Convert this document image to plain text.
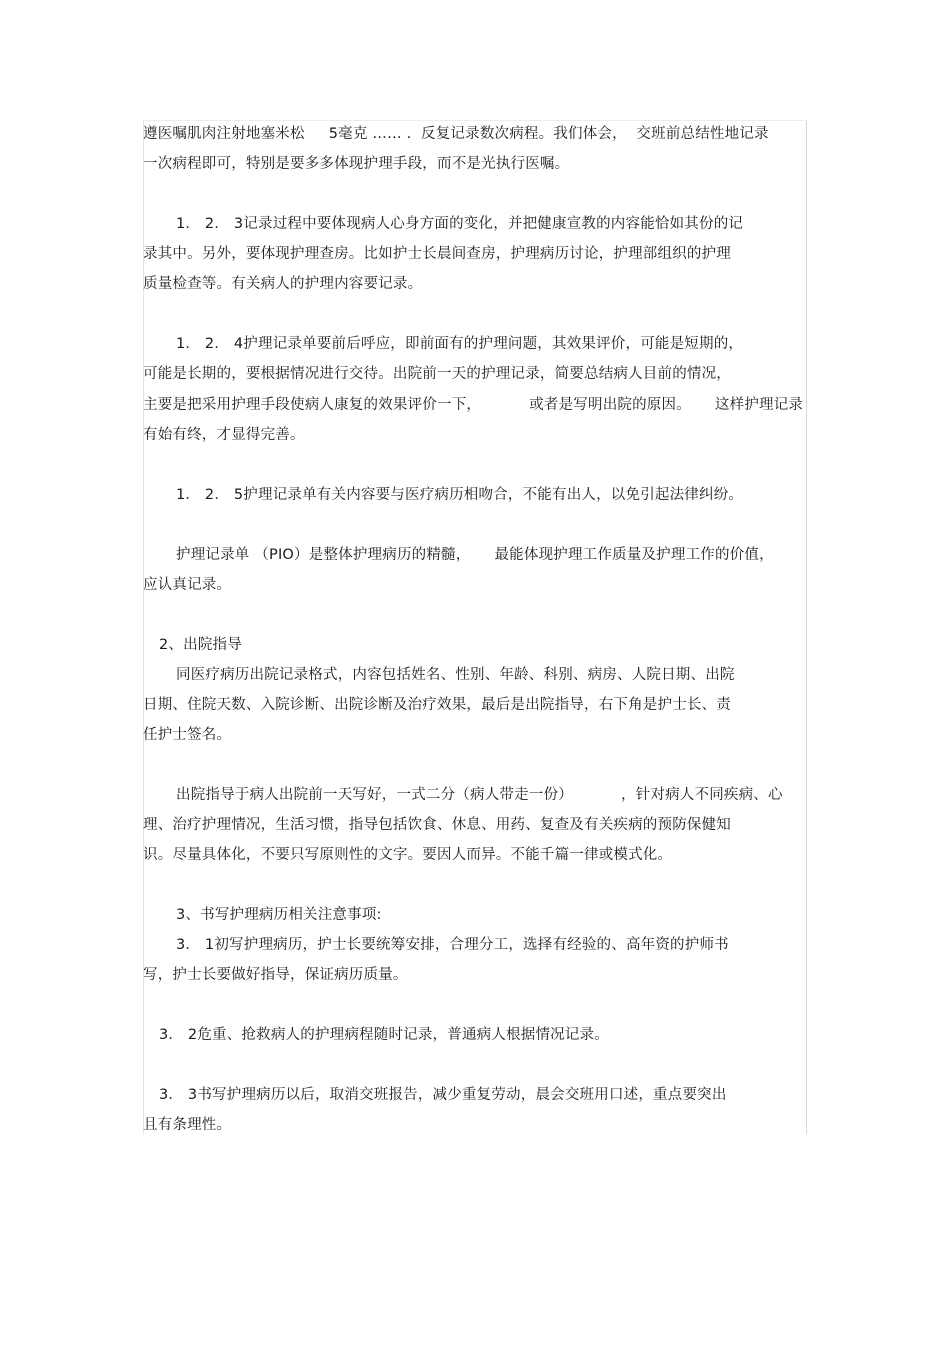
遵医嘱肌肉注射地塞米松     5毫克 …… .  反复记录数次病程。我们体会，  交班前总结性地记录
一次病程即可，特别是要多多体现护理手段，而不是光执行医嘱。
1． 2． 3记录过程中要体现病人心身方面的变化，并把健康宣教的内容能恰如其份的记
录其中。另外，要体现护理查房。比如护士长晨间查房，护理病历讨论，护理部组织的护理
质量检查等。有关病人的护理内容要记录。
1． 2． 4护理记录单要前后呼应，即前面有的护理问题，其效果评价，可能是短期的，
可能是长期的，要根据情况进行交待。出院前一天的护理记录，简要总结病人目前的情况，
主要是把采用护理手段使病人康复的效果评价一下，          或者是写明出院的原因。     这样护理记录
有始有终，才显得完善。
1． 2． 5护理记录单有关内容要与医疗病历相吻合，不能有出人，以免引起法律纠纷。
护理记录单 （PIO）是整体护理病历的精髓，     最能体现护理工作质量及护理工作的价值，
应认真记录。
2、出院指导
同医疗病历出院记录格式，内容包括姓名、性别、年龄、科别、病房、人院日期、出院
日期、住院天数、入院诊断、出院诊断及治疗效果，最后是出院指导，右下角是护士长、责
任护士签名。
出院指导于病人出院前一天写好，一式二分（病人带走一份）          ，针对病人不同疾病、心
理、治疗护理情况，生活习惯，指导包括饮食、休息、用药、复查及有关疾病的预防保健知
识。尽量具体化，不要只写原则性的文字。要因人而异。不能千篇一律或模式化。
3、书写护理病历相关注意事项:
3． 1初写护理病历，护士长要统筹安排，合理分工，选择有经验的、高年资的护师书
写，护士长要做好指导，保证病历质量。
3． 2危重、抢救病人的护理病程随时记录，普通病人根据情况记录。
3． 3书写护理病历以后，取消交班报告，减少重复劳动，晨会交班用口述，重点要突出
且有条理性。
